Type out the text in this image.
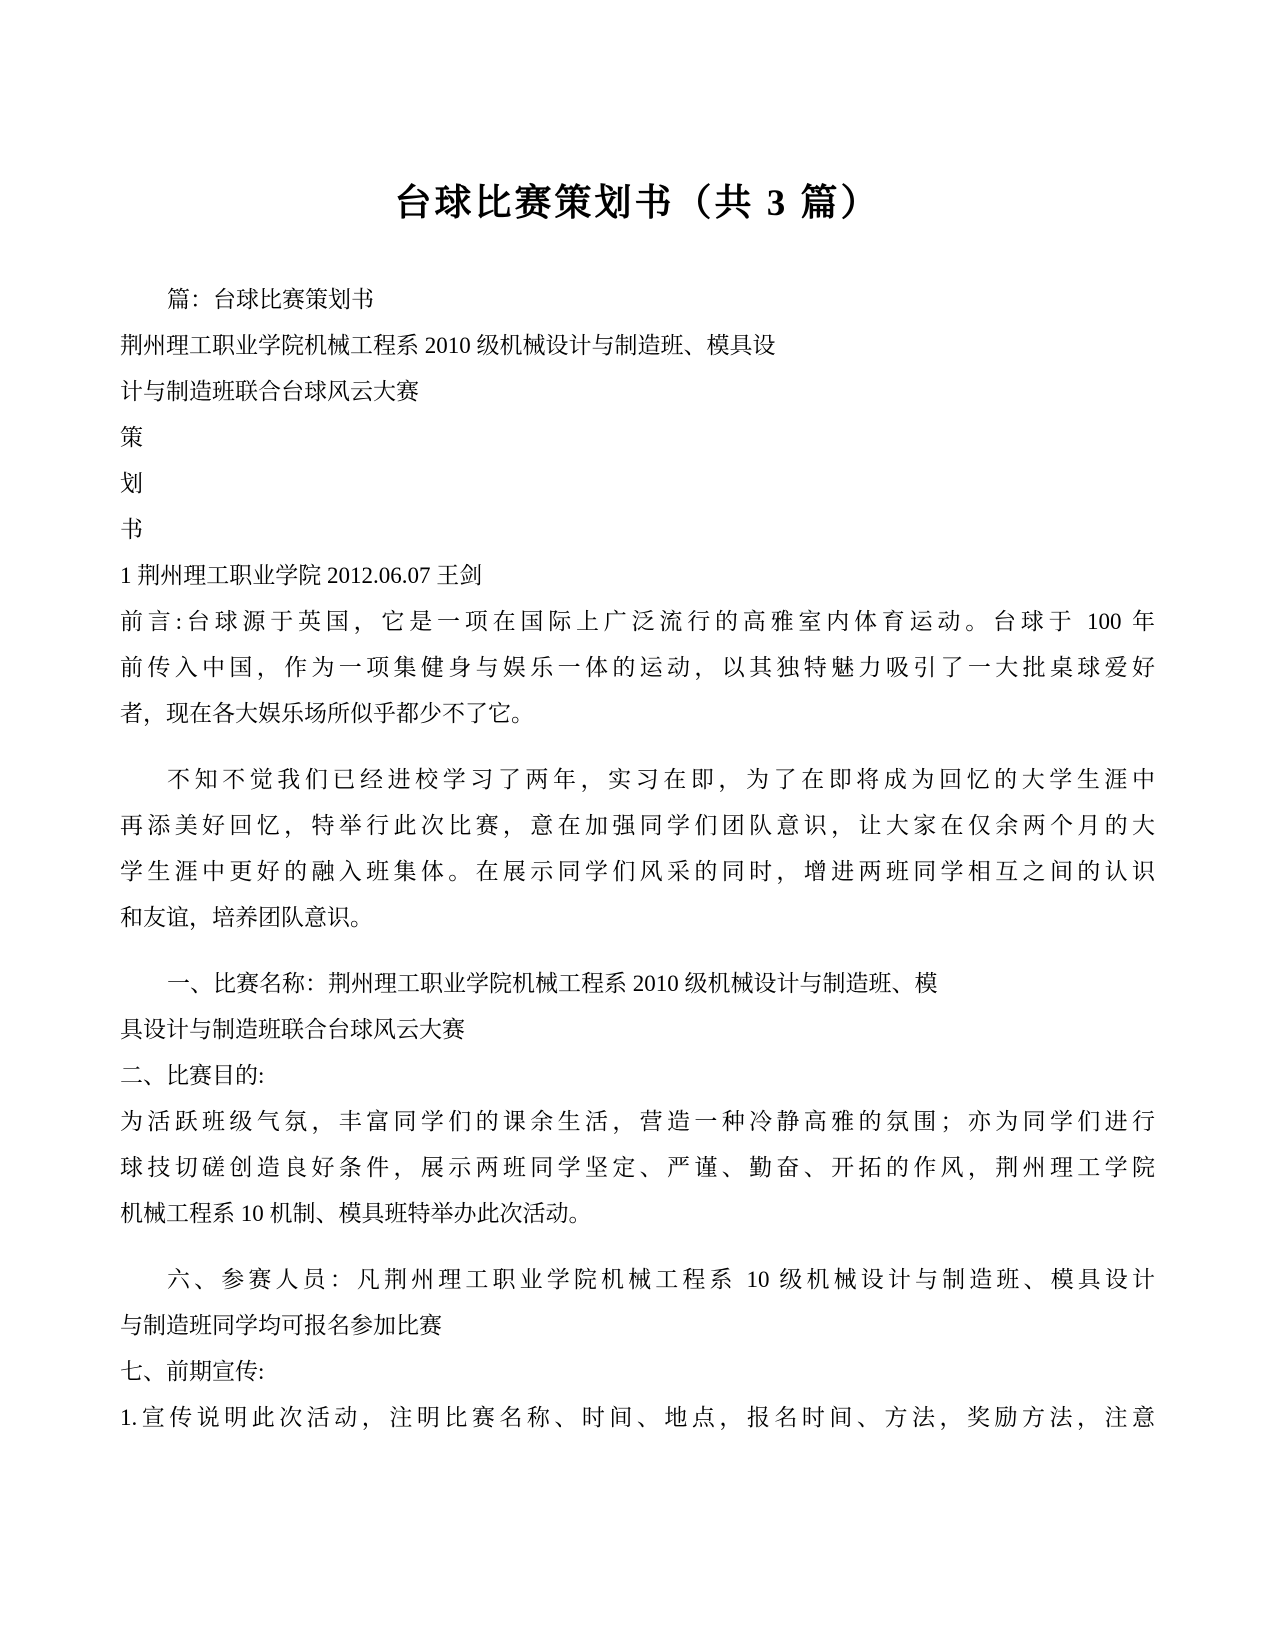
台球比赛策划书（共 3 篇）
篇：台球比赛策划书
荆州理工职业学院机械工程系 2010 级机械设计与制造班、模具设
计与制造班联合台球风云大赛
策
划
书
1 荆州理工职业学院 2012.06.07 王剑
前言:台球源于英国，它是一项在国际上广泛流行的高雅室内体育运动。台球于 100 年
前传入中国，作为一项集健身与娱乐一体的运动，以其独特魅力吸引了一大批桌球爱好
者，现在各大娱乐场所似乎都少不了它。
不知不觉我们已经进校学习了两年，实习在即，为了在即将成为回忆的大学生涯中
再添美好回忆，特举行此次比赛，意在加强同学们团队意识，让大家在仅余两个月的大
学生涯中更好的融入班集体。在展示同学们风采的同时，增进两班同学相互之间的认识
和友谊，培养团队意识。
一、比赛名称：荆州理工职业学院机械工程系 2010 级机械设计与制造班、模
具设计与制造班联合台球风云大赛
二、比赛目的:
为活跃班级气氛，丰富同学们的课余生活，营造一种冷静高雅的氛围；亦为同学们进行
球技切磋创造良好条件，展示两班同学坚定、严谨、勤奋、开拓的作风，荆州理工学院
机械工程系 10 机制、模具班特举办此次活动。
六、参赛人员：凡荆州理工职业学院机械工程系 10 级机械设计与制造班、模具设计
与制造班同学均可报名参加比赛
七、前期宣传:
1.宣传说明此次活动，注明比赛名称、时间、地点，报名时间、方法，奖励方法，注意
